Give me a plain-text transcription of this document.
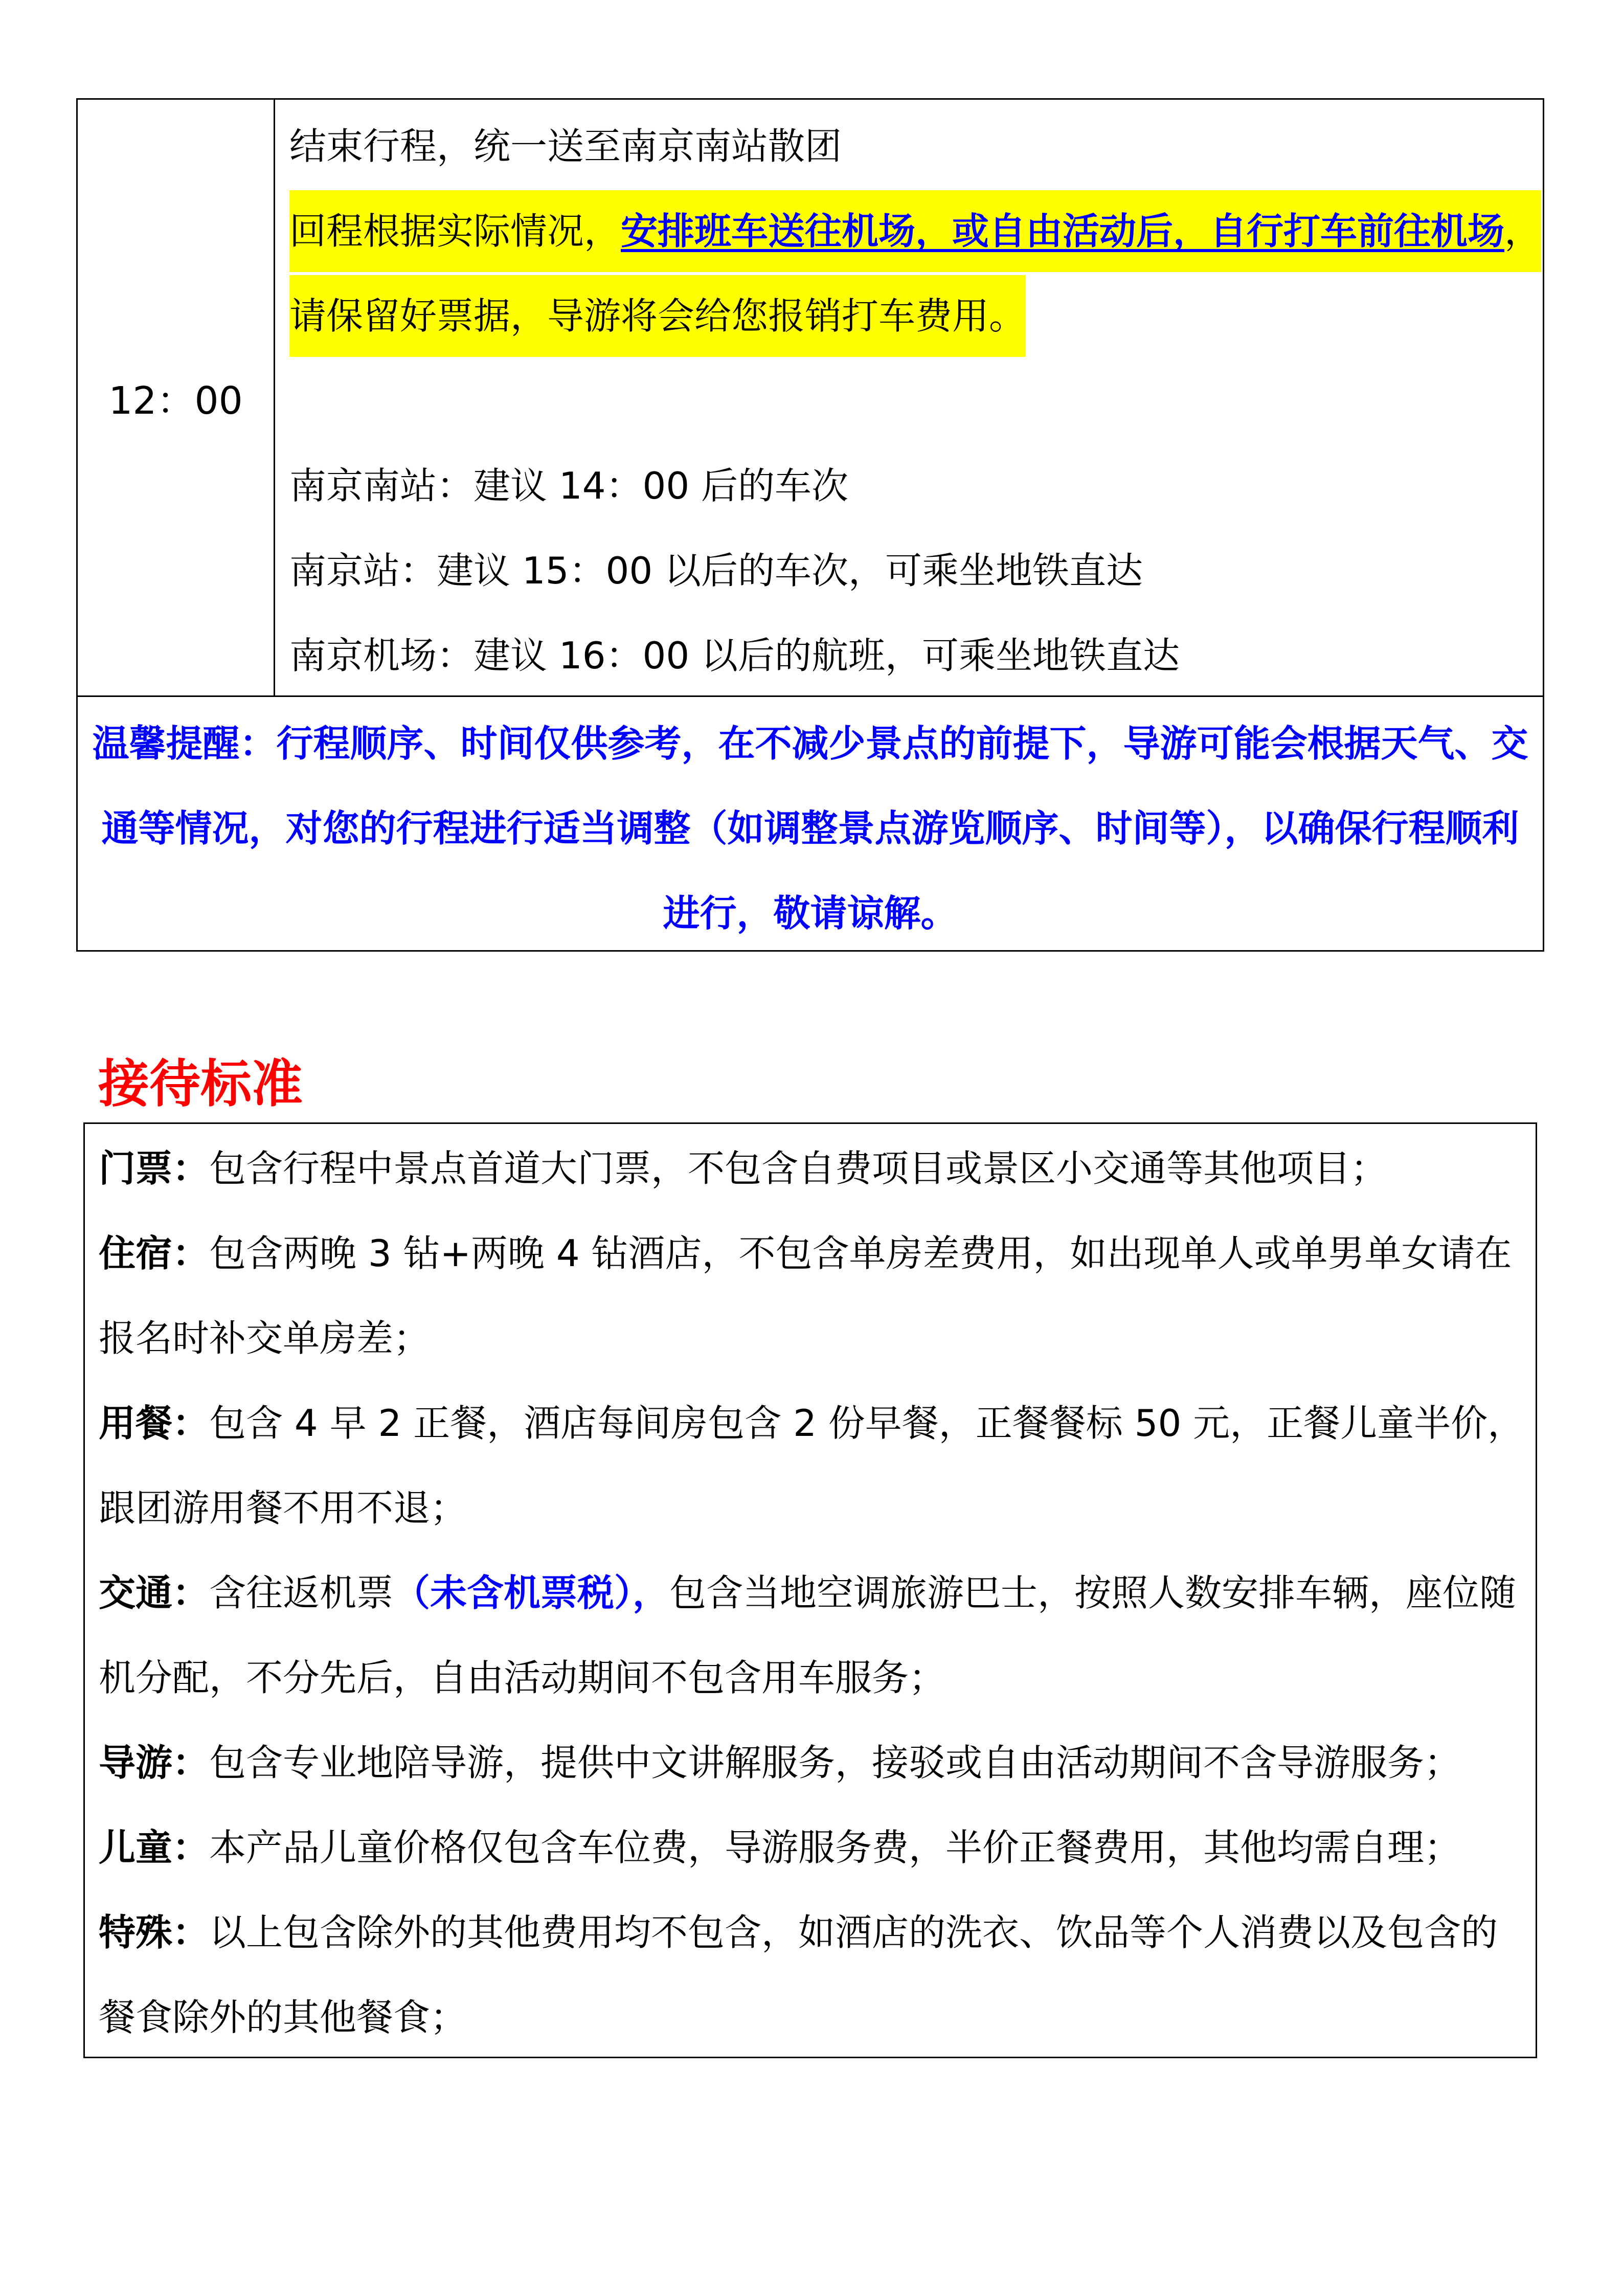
12：00
结束行程，统一送至南京南站散团
回程根据实际情况，安排班车送往机场，或自由活动后，自行打车前往机场，
请保留好票据，导游将会给您报销打车费用。
南京南站：建议 14：00 后的车次
南京站：建议 15：00 以后的车次，可乘坐地铁直达
南京机场：建议 16：00 以后的航班，可乘坐地铁直达
温馨提醒：行程顺序、时间仅供参考，在不减少景点的前提下，导游可能会根据天气、交通等情况，对您的行程进行适当调整（如调整景点游览顺序、时间等），以确保行程顺利进行，敬请谅解。
接待标准

门票：包含行程中景点首道大门票，不包含自费项目或景区小交通等其他项目；

住宿：包含两晚 3 钻+两晚 4 钻酒店，不包含单房差费用，如出现单人或单男单女请在报名时补交单房差；

用餐：包含 4 早 2 正餐，酒店每间房包含 2 份早餐，正餐餐标 50 元，正餐儿童半价，跟团游用餐不用不退；

交通：含往返机票（未含机票税），包含当地空调旅游巴士，按照人数安排车辆，座位随机分配，不分先后，自由活动期间不包含用车服务；

导游：包含专业地陪导游，提供中文讲解服务，接驳或自由活动期间不含导游服务；

儿童：本产品儿童价格仅包含车位费，导游服务费，半价正餐费用，其他均需自理；

特殊：以上包含除外的其他费用均不包含，如酒店的洗衣、饮品等个人消费以及包含的餐食除外的其他餐食；
